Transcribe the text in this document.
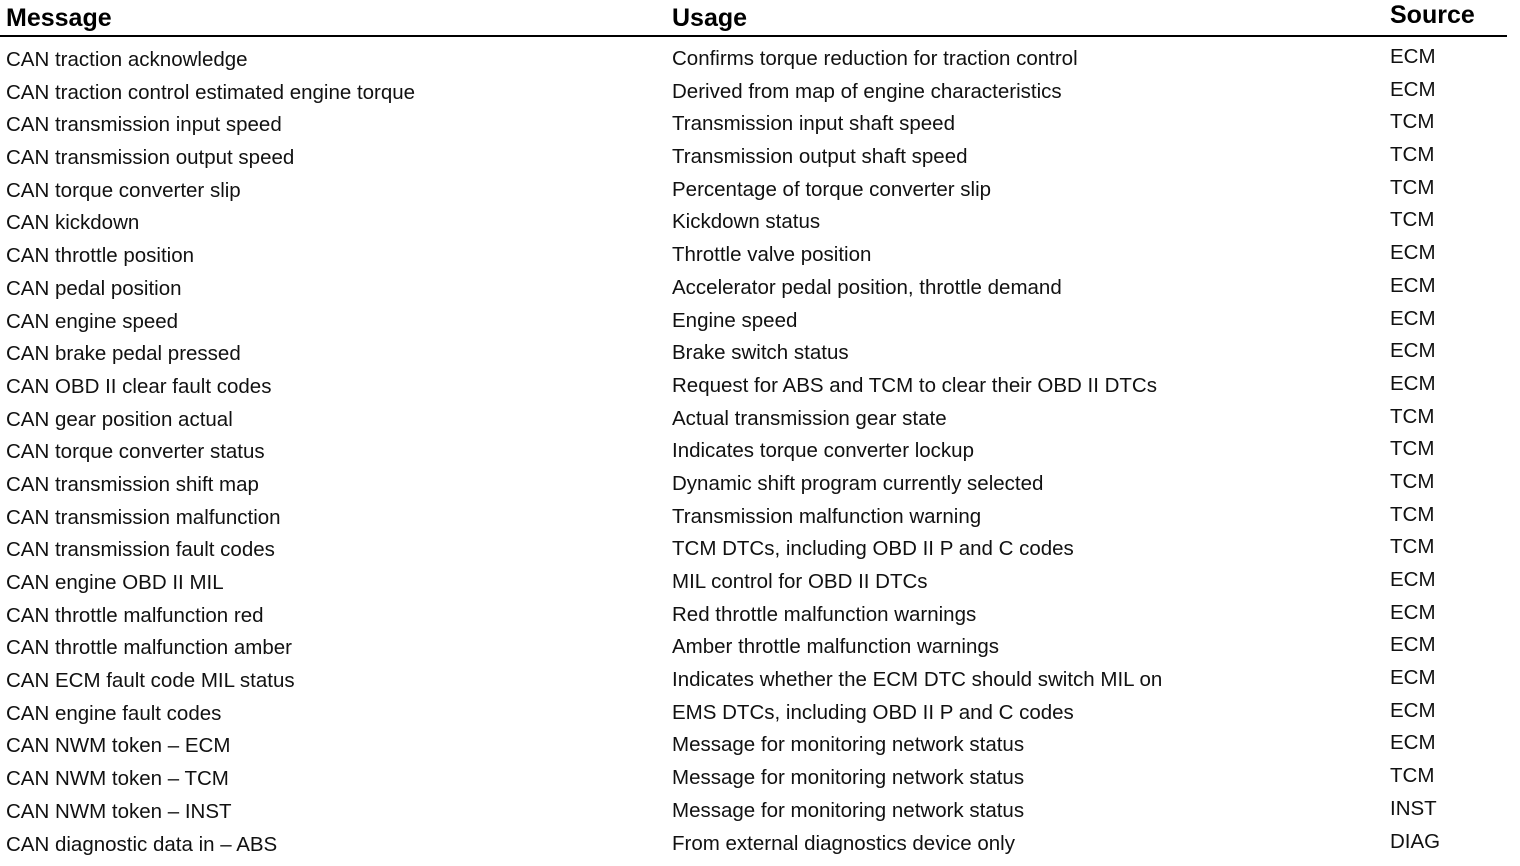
Message	Usage	Source
CAN traction acknowledge	Confirms torque reduction for traction control	ECM
CAN traction control estimated engine torque	Derived from map of engine characteristics	ECM
CAN transmission input speed	Transmission input shaft speed	TCM
CAN transmission output speed	Transmission output shaft speed	TCM
CAN torque converter slip	Percentage of torque converter slip	TCM
CAN kickdown	Kickdown status	TCM
CAN throttle position	Throttle valve position	ECM
CAN pedal position	Accelerator pedal position, throttle demand	ECM
CAN engine speed	Engine speed	ECM
CAN brake pedal pressed	Brake switch status	ECM
CAN OBD II clear fault codes	Request for ABS and TCM to clear their OBD II DTCs	ECM
CAN gear position actual	Actual transmission gear state	TCM
CAN torque converter status	Indicates torque converter lockup	TCM
CAN transmission shift map	Dynamic shift program currently selected	TCM
CAN transmission malfunction	Transmission malfunction warning	TCM
CAN transmission fault codes	TCM DTCs, including OBD II P and C codes	TCM
CAN engine OBD II MIL	MIL control for OBD II DTCs	ECM
CAN throttle malfunction red	Red throttle malfunction warnings	ECM
CAN throttle malfunction amber	Amber throttle malfunction warnings	ECM
CAN ECM fault code MIL status	Indicates whether the ECM DTC should switch MIL on	ECM
CAN engine fault codes	EMS DTCs, including OBD II P and C codes	ECM
CAN NWM token – ECM	Message for monitoring network status	ECM
CAN NWM token – TCM	Message for monitoring network status	TCM
CAN NWM token – INST	Message for monitoring network status	INST
CAN diagnostic data in – ABS	From external diagnostics device only	DIAG
